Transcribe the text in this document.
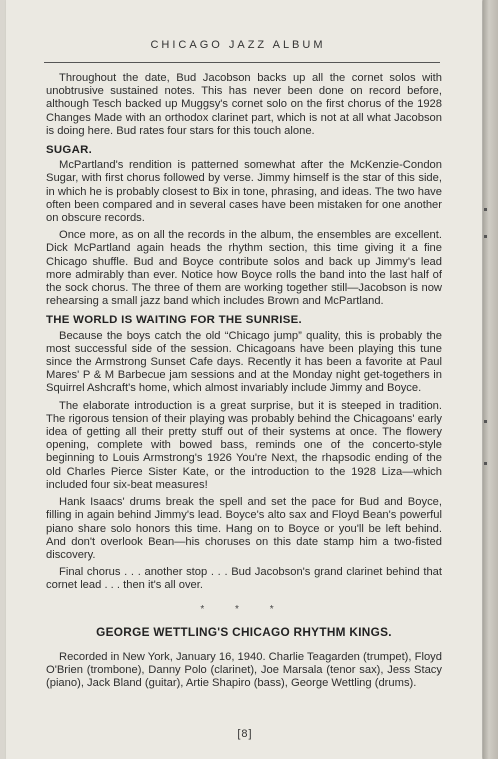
CHICAGO JAZZ ALBUM

Throughout the date, Bud Jacobson backs up all the cornet solos with unobtrusive sustained notes. This has never been done on record before, although Tesch backed up Muggsy's cornet solo on the first chorus of the 1928 Changes Made with an orthodox clarinet part, which is not at all what Jacobson is doing here. Bud rates four stars for this touch alone.

SUGAR.

McPartland's rendition is patterned somewhat after the McKenzie-Condon Sugar, with first chorus followed by verse. Jimmy himself is the star of this side, in which he is probably closest to Bix in tone, phrasing, and ideas. The two have often been compared and in several cases have been mistaken for one another on obscure records.

Once more, as on all the records in the album, the ensembles are excellent. Dick McPartland again heads the rhythm section, this time giving it a fine Chicago shuffle. Bud and Boyce contribute solos and back up Jimmy's lead more admirably than ever. Notice how Boyce rolls the band into the last half of the sock chorus. The three of them are working together still—Jacobson is now rehearsing a small jazz band which includes Brown and McPartland.

THE WORLD IS WAITING FOR THE SUNRISE.

Because the boys catch the old “Chicago jump” quality, this is probably the most successful side of the session. Chicagoans have been playing this tune since the Armstrong Sunset Cafe days. Recently it has been a favorite at Paul Mares' P & M Barbecue jam sessions and at the Monday night get-togethers in Squirrel Ashcraft's home, which almost invariably include Jimmy and Boyce.

The elaborate introduction is a great surprise, but it is steeped in tradition. The rigorous tension of their playing was probably behind the Chicagoans' early idea of getting all their pretty stuff out of their systems at once. The flowery opening, complete with bowed bass, reminds one of the concerto-style beginning to Louis Armstrong's 1926 You're Next, the rhapsodic ending of the old Charles Pierce Sister Kate, or the introduction to the 1928 Liza—which included four six-beat measures!

Hank Isaacs' drums break the spell and set the pace for Bud and Boyce, filling in again behind Jimmy's lead. Boyce's alto sax and Floyd Bean's powerful piano share solo honors this time. Hang on to Boyce or you'll be left behind. And don't overlook Bean—his choruses on this date stamp him a two-fisted discovery.

Final chorus . . . another stop . . . Bud Jacobson's grand clarinet behind that cornet lead . . . then it's all over.

* * *
GEORGE WETTLING'S CHICAGO RHYTHM KINGS.

Recorded in New York, January 16, 1940. Charlie Teagarden (trumpet), Floyd O'Brien (trombone), Danny Polo (clarinet), Joe Marsala (tenor sax), Jess Stacy (piano), Jack Bland (guitar), Artie Shapiro (bass), George Wettling (drums).

[8]
